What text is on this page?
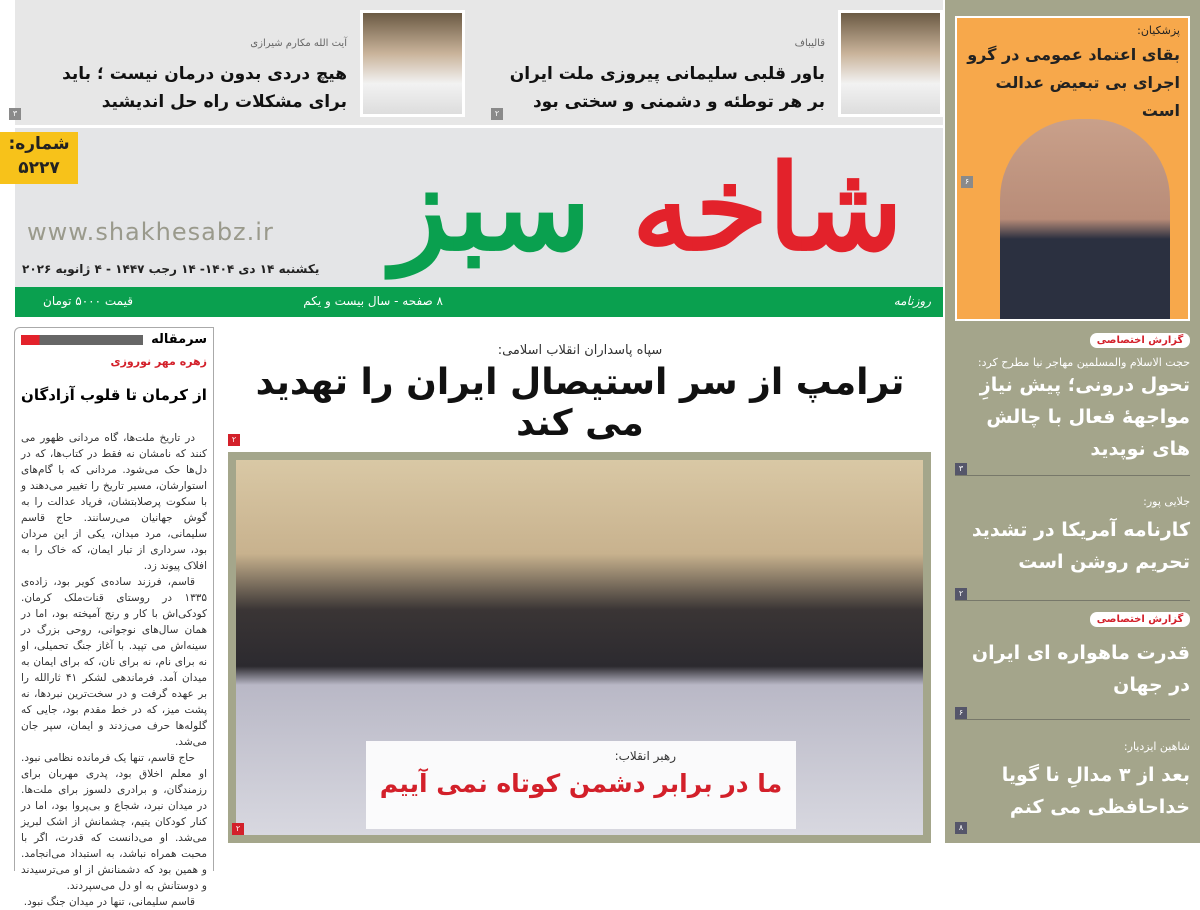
قالیباف
باور قلبی سلیمانی پیروزی ملت ایران بر هر توطئه و دشمنی و سختی بود
۲
آیت الله مکارم شیرازی
هیچ دردی بدون درمان نیست ؛ باید برای مشکلات راه حل اندیشید
۳
شاخه سبز
www.shakhesabz.ir
یکشنبه ۱۴ دی ۱۴۰۴- ۱۴ رجب ۱۴۴۷ - ۴ ژانویه ۲۰۲۶
شماره:
۵۲۲۷
روزنامه
۸ صفحه - سال بیست و یکم
قیمت ۵۰۰۰ تومان
سرمقاله
زهره مهر نوروزی
از کرمان تا قلوب آزادگان

در تاریخ ملت‌ها، گاه مردانی ظهور می کنند که نامشان نه فقط در کتاب‌ها، که در دل‌ها حک می‌شود. مردانی که با گام‌های استوارشان، مسیر تاریخ را تغییر می‌دهند و با سکوت پرصلابتشان، فریاد عدالت را به گوش جهانیان می‌رسانند. حاج قاسم سلیمانی، مرد میدان، یکی از این مردان بود، سرداری از تبار ایمان، که خاک را به افلاک پیوند زد.

قاسم، فرزند ساده‌ی کویر بود، زاده‌ی ۱۳۳۵ در روستای قنات‌ملک کرمان. کودکی‌اش با کار و رنج آمیخته بود، اما در همان سال‌های نوجوانی، روحی بزرگ در سینه‌اش می تپید. با آغاز جنگ تحمیلی، او نه برای نام، نه برای نان، که برای ایمان به میدان آمد. فرماندهی لشکر ۴۱ ثارالله را بر عهده گرفت و در سخت‌ترین نبردها، نه پشت میز، که در خط مقدم بود، جایی که گلوله‌ها حرف می‌زدند و ایمان، سپر جان می‌شد.

حاج قاسم، تنها یک فرمانده نظامی نبود. او معلم اخلاق بود، پدری مهربان برای رزمندگان، و برادری دلسوز برای ملت‌ها. در میدان نبرد، شجاع و بی‌پروا بود، اما در کنار کودکان یتیم، چشمانش از اشک لبریز می‌شد. او می‌دانست که قدرت، اگر با محبت همراه نباشد، به استبداد می‌انجامد. و همین بود که دشمنانش از او می‌ترسیدند و دوستانش به او دل می‌سپردند.

قاسم سلیمانی، تنها در میدان جنگ نبود.

سپاه پاسداران انقلاب اسلامی:
ترامپ از سر استیصال ایران را تهدید می کند
۲
رهبر انقلاب:
ما در برابر دشمن کوتاه نمی آییم
۲
پزشکیان:
بقای اعتماد عمومی در گرو اجرای بی تبعیض عدالت است
۶
گزارش اختصاصی
حجت الاسلام والمسلمین مهاجر نیا مطرح کرد:
تحول درونی؛ پیش نیازِ مواجههٔ فعال با چالش های نوپدید
۳
جلایی پور:
کارنامه آمریکا در تشدید تحریم روشن است
۲
گزارش اختصاصی
قدرت ماهواره ای ایران در جهان
۶
شاهین ایزدیار:
بعد از ۳ مدالِ نا گویا خداحافظی می کنم
۸
